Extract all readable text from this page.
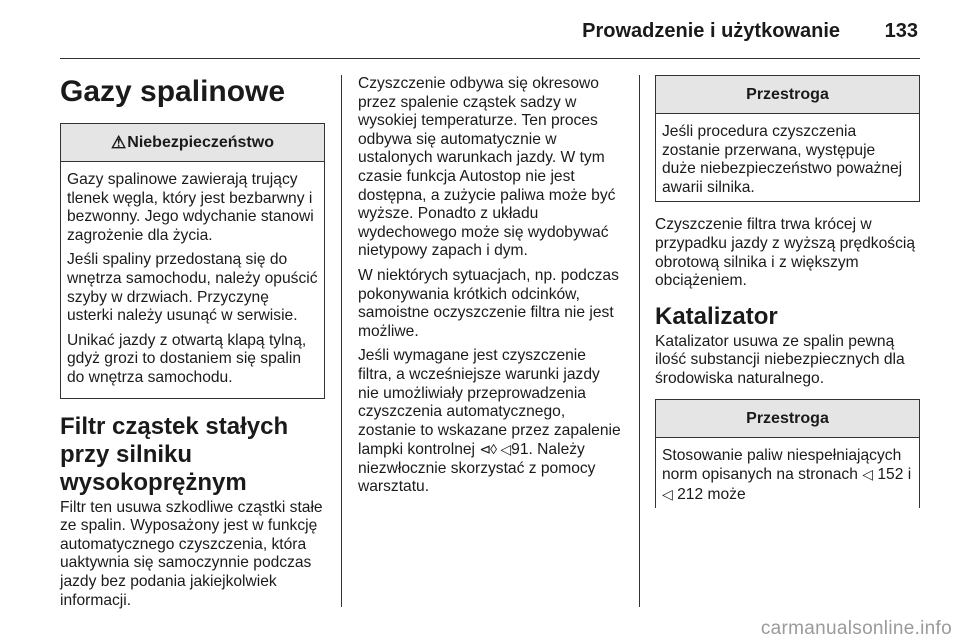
Prowadzenie i użytkowanie 133
Gazy spalinowe
⚠Niebezpieczeństwo

Gazy spalinowe zawierają trujący tlenek węgla, który jest bezbarwny i bezwonny. Jego wdychanie stanowi zagrożenie dla życia.

Jeśli spaliny przedostaną się do wnętrza samochodu, należy opuścić szyby w drzwiach. Przyczynę usterki należy usunąć w serwisie.

Unikać jazdy z otwartą klapą tylną, gdyż grozi to dostaniem się spalin do wnętrza samochodu.

Filtr cząstek stałych przy silniku wysokoprężnym

Filtr ten usuwa szkodliwe cząstki stałe ze spalin. Wyposażony jest w funkcję automatycznego czyszczenia, która uaktywnia się samoczynnie podczas jazdy bez podania jakiejkolwiek informacji.

Czyszczenie odbywa się okresowo przez spalenie cząstek sadzy w wysokiej temperaturze. Ten proces odbywa się automatycznie w ustalonych warunkach jazdy. W tym czasie funkcja Autostop nie jest dostępna, a zużycie paliwa może być wyższe. Ponadto z układu wydechowego może się wydobywać nietypowy zapach i dym.

W niektórych sytuacjach, np. podczas pokonywania krótkich odcinków, samoistne oczyszczenie filtra nie jest możliwe.

Jeśli wymagane jest czyszczenie filtra, a wcześniejsze warunki jazdy nie umożliwiały przeprowadzenia czyszczenia automatycznego, zostanie to wskazane przez zapalenie lampki kontrolnej ⊲◊ ◁91. Należy niezwłocznie skorzystać z pomocy warsztatu.

Przestroga
Jeśli procedura czyszczenia zostanie przerwana, występuje duże niebezpieczeństwo poważnej awarii silnika.

Czyszczenie filtra trwa krócej w przypadku jazdy z wyższą prędkością obrotową silnika i z większym obciążeniem.

Katalizator

Katalizator usuwa ze spalin pewną ilość substancji niebezpiecznych dla środowiska naturalnego.

Przestroga
Stosowanie paliw niespełniających norm opisanych na stronach ◁ 152 i ◁ 212 może
carmanualsonline.info
